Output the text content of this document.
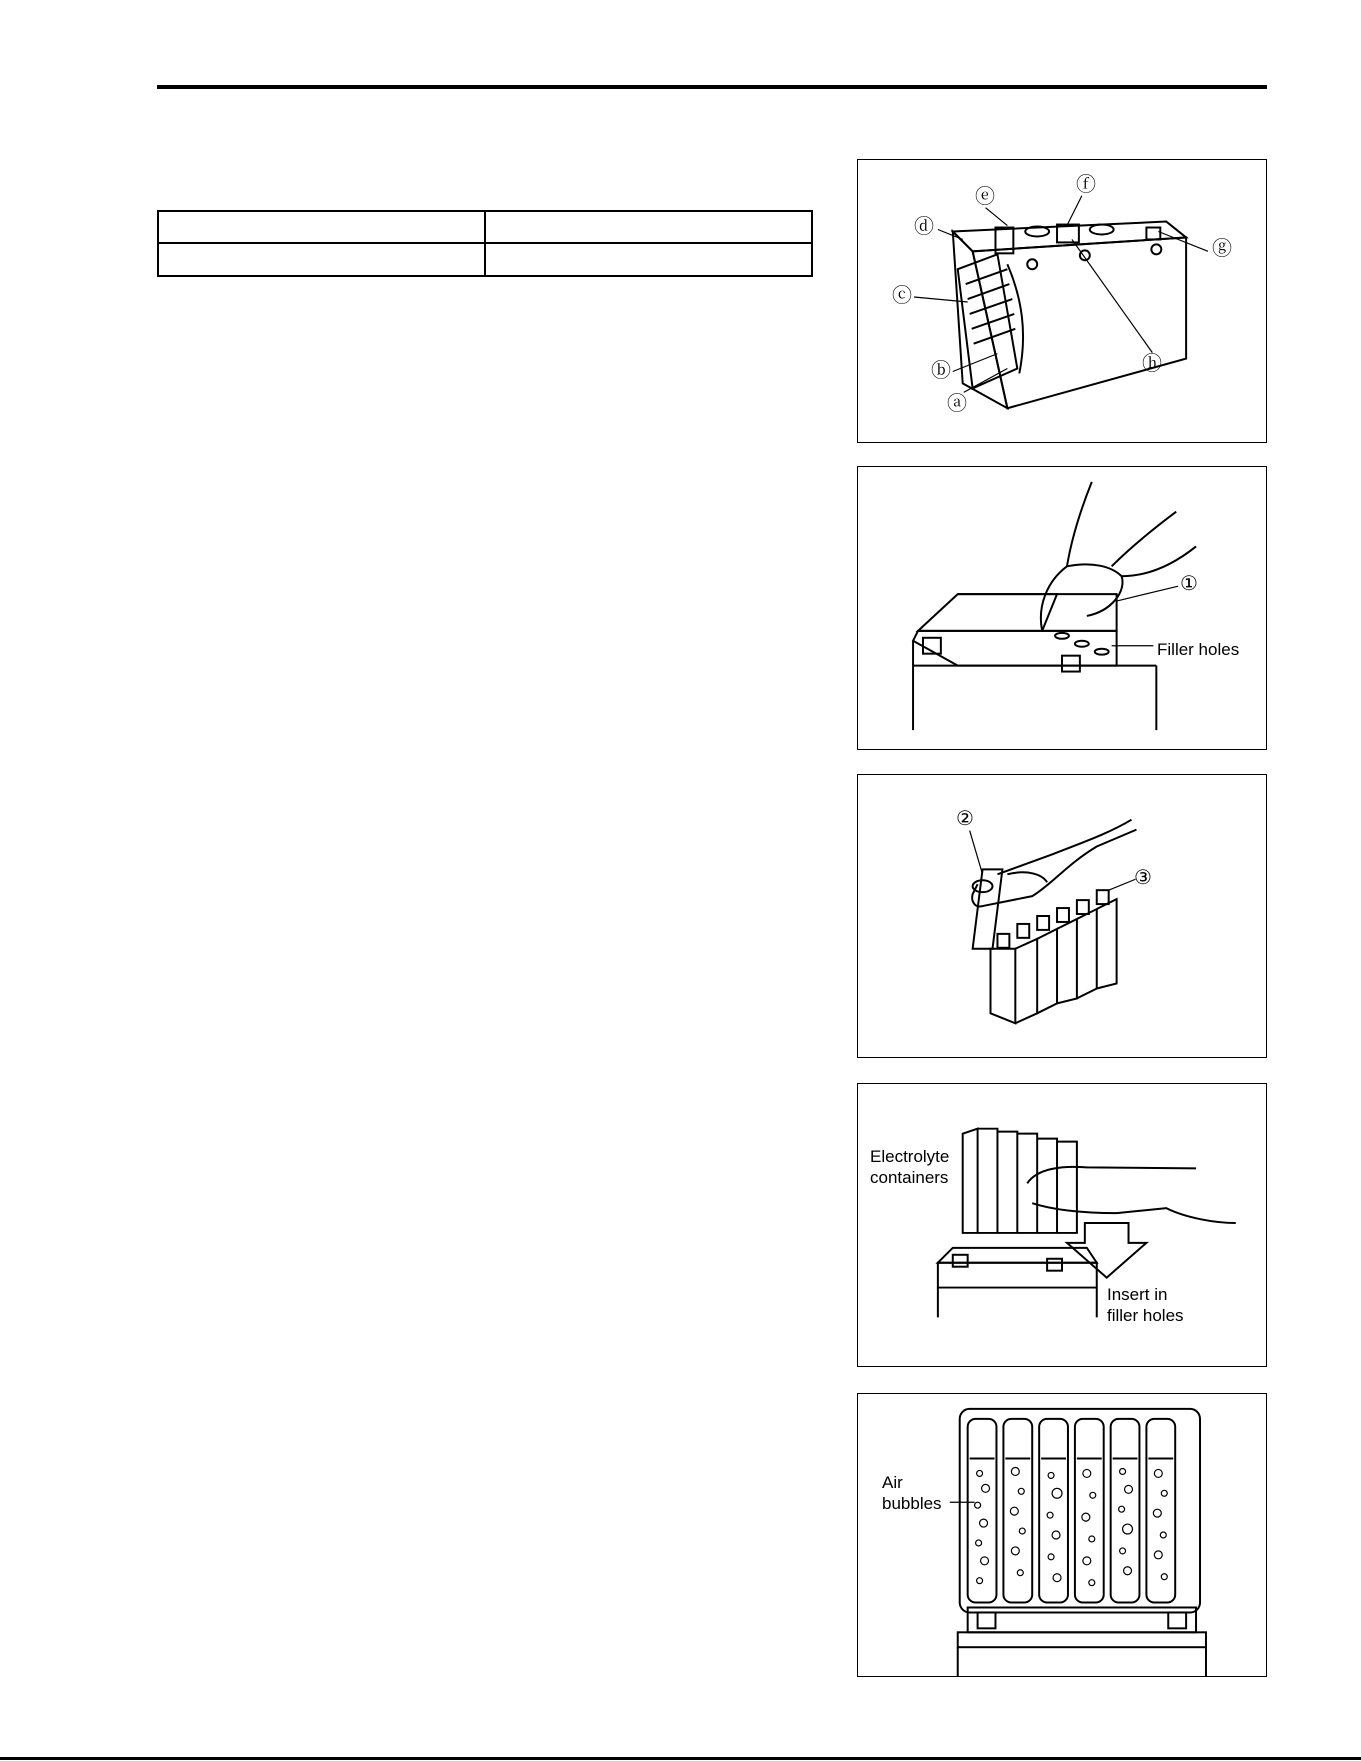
ⓐ
ⓑ
ⓒ
ⓓ
ⓔ
ⓕ
ⓖ
ⓗ
①
Filler holes
②
③
Electrolyte
containers
Insert in
filler holes
Air
bubbles
